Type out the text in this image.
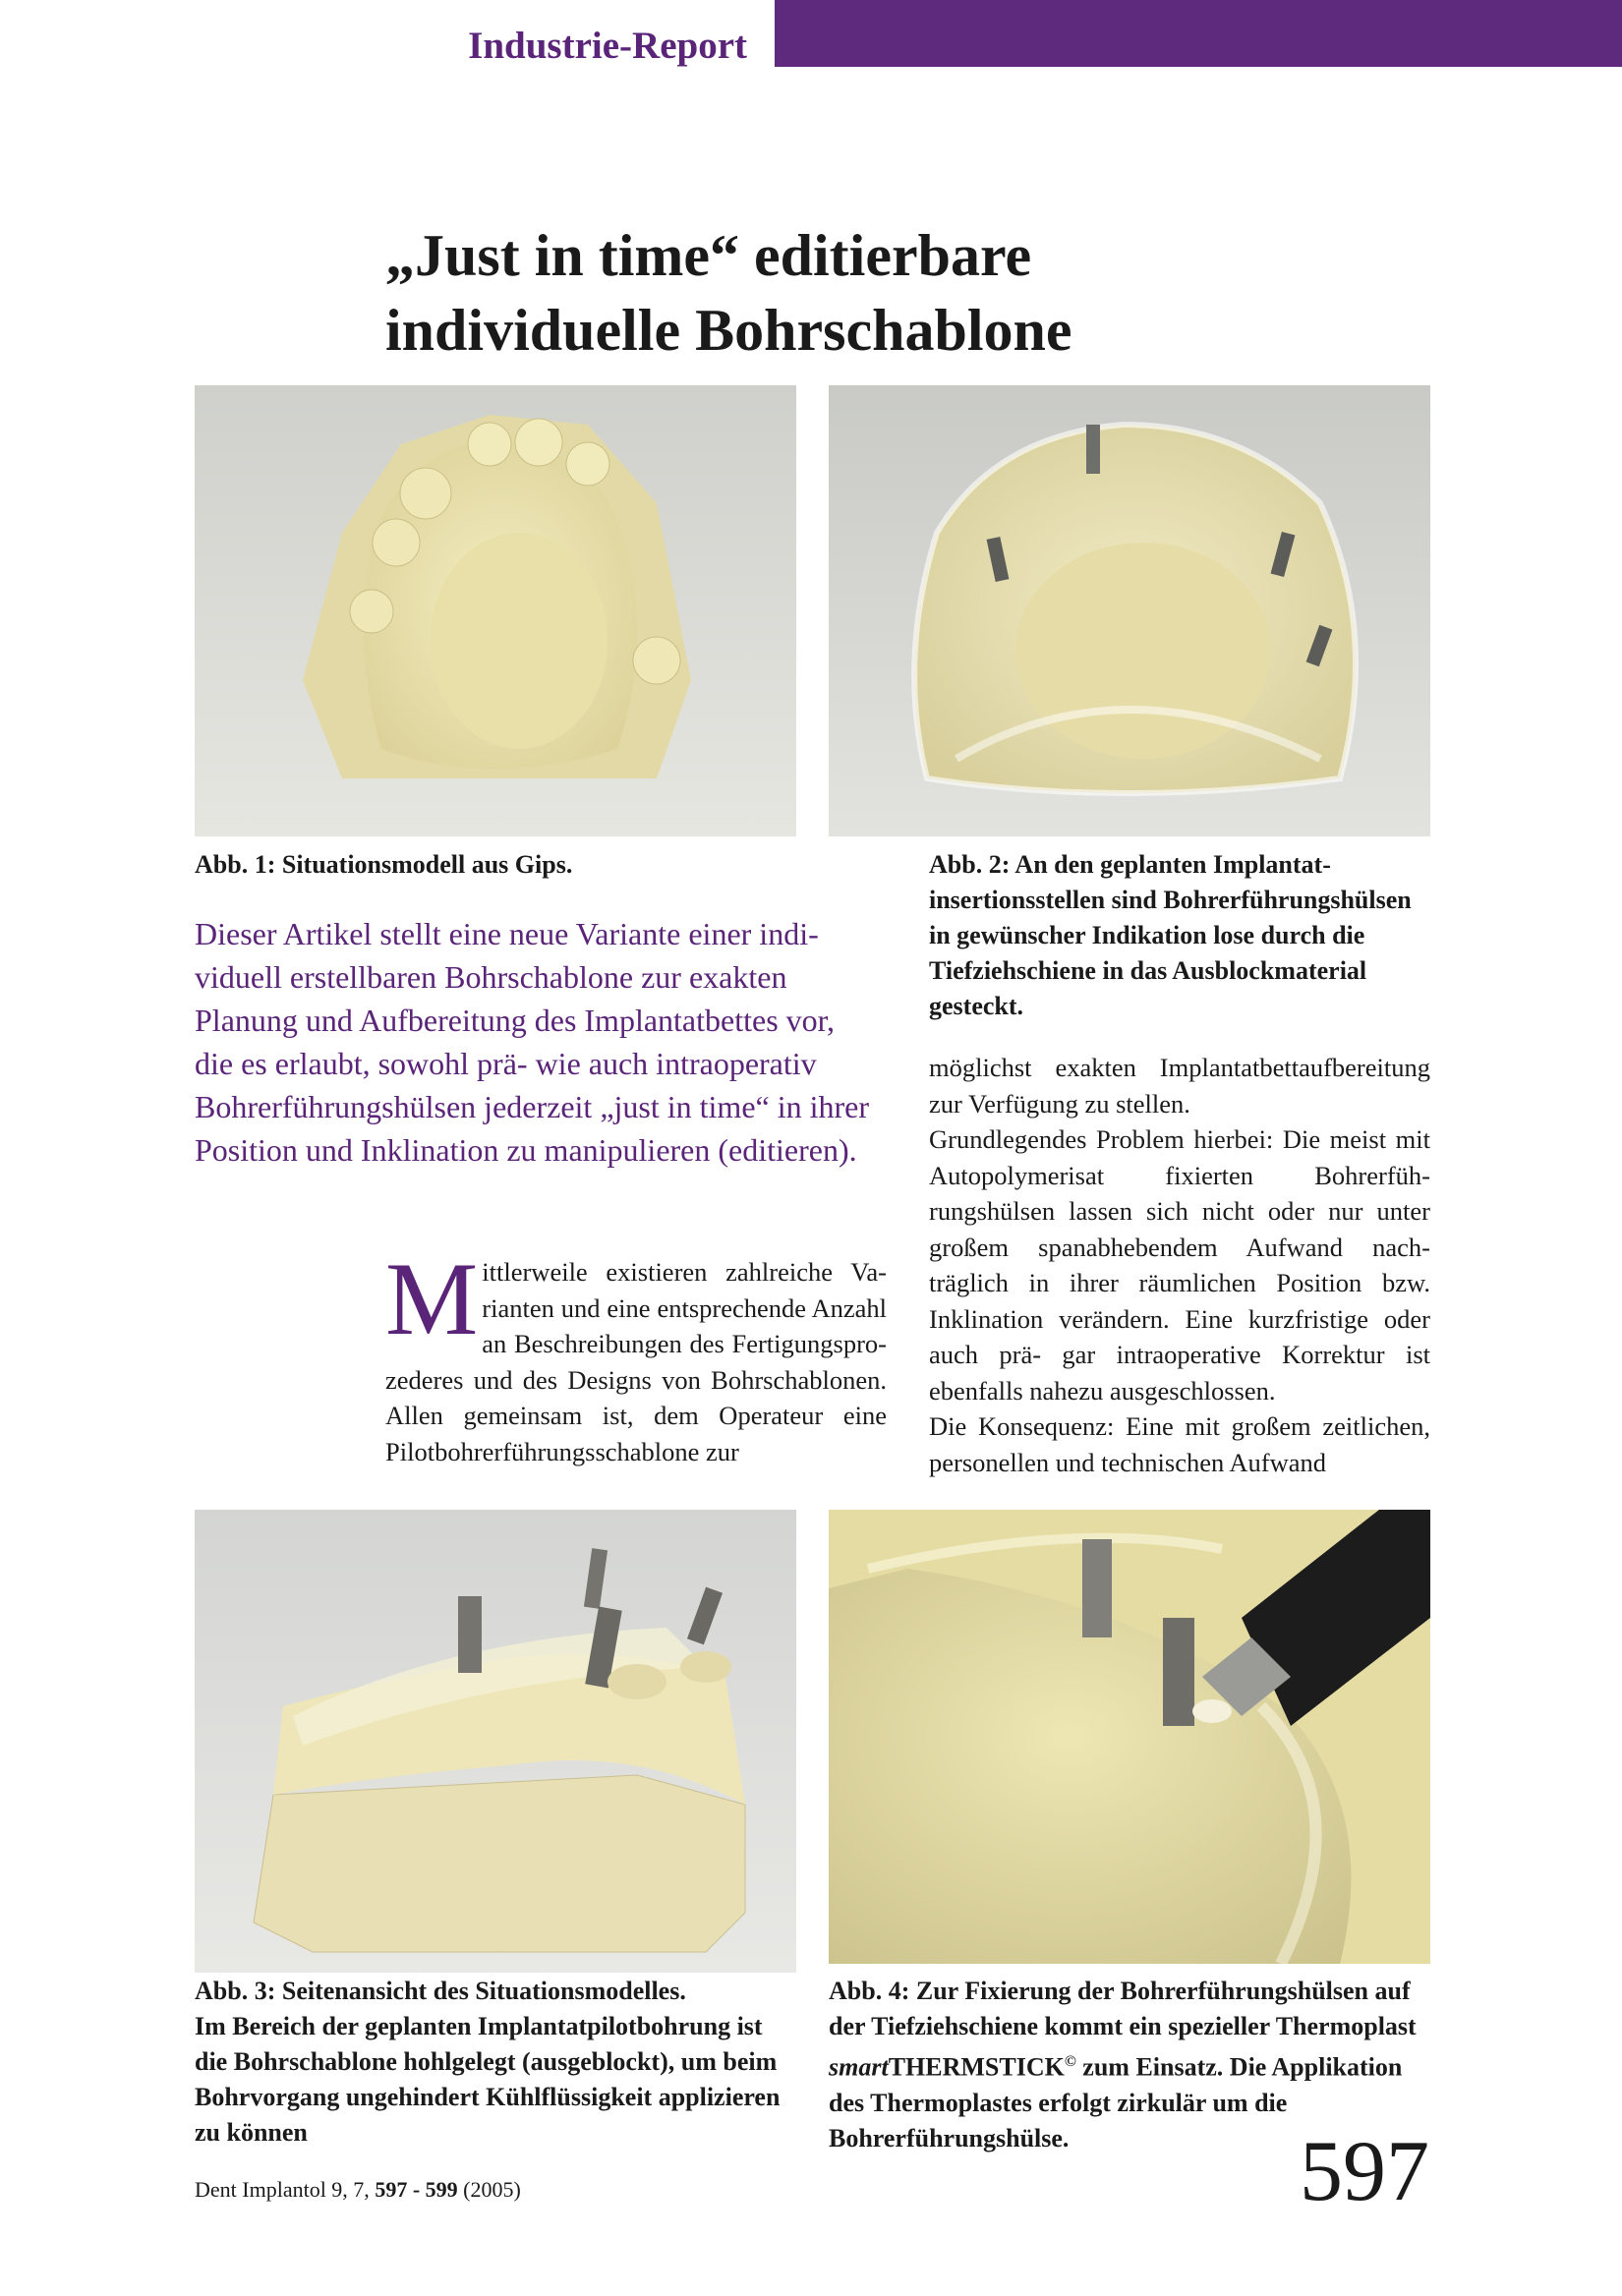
Industrie-Report
„Just in time“ editierbare
individuelle Bohrschablone
Abb. 1: Situationsmodell aus Gips.	Abb. 2: An den geplanten Implantatinsertionsstellen sind Bohrerführungshülsen in gewünscher Indikation lose durch die Tiefziehschiene in das Ausblockmaterial gesteckt.

Dieser Artikel stellt eine neue Variante einer individuell erstellbaren Bohrschablone zur exakten Planung und Aufbereitung des Implantatbettes vor, die es erlaubt, sowohl prä- wie auch intraoperativ Bohrerführungshülsen jederzeit „just in time“ in ihrer Position und Inklination zu manipulieren (editieren).

M ittlerweile existieren zahlreiche Varianten und eine entsprechende Anzahl an Beschreibungen des Fertigungsprozederes und des Designs von Bohrschablonen. Allen gemeinsam ist, dem Operateur eine Pilotbohrerführungsschablone zur

möglichst exakten Implantatbettaufbereitung zur Verfügung zu stellen.

Grundlegendes Problem hierbei: Die meist mit Autopolymerisat fixierten Bohrerführungshülsen lassen sich nicht oder nur unter großem spanabhebendem Aufwand nachträglich in ihrer räumlichen Position bzw. Inklination verändern. Eine kurzfristige oder auch prä- gar intraoperative Korrektur ist ebenfalls nahezu ausgeschlossen.

Die Konsequenz: Eine mit großem zeitlichen, personellen und technischen Aufwand

Abb. 3: Seitenansicht des Situationsmodelles.
Im Bereich der geplanten Implantatpilotbohrung ist die Bohrschablone hohlgelegt (ausgeblockt), um beim Bohrvorgang ungehindert Kühlflüssigkeit applizieren zu können
Abb. 4: Zur Fixierung der Bohrerführungshülsen auf der Tiefziehschiene kommt ein spezieller Thermoplast smartTHERMSTICK© zum Einsatz. Die Applikation des Thermoplastes erfolgt zirkulär um die Bohrerführungshülse.
Dent Implantol 9, 7, 597 - 599 (2005)	597
